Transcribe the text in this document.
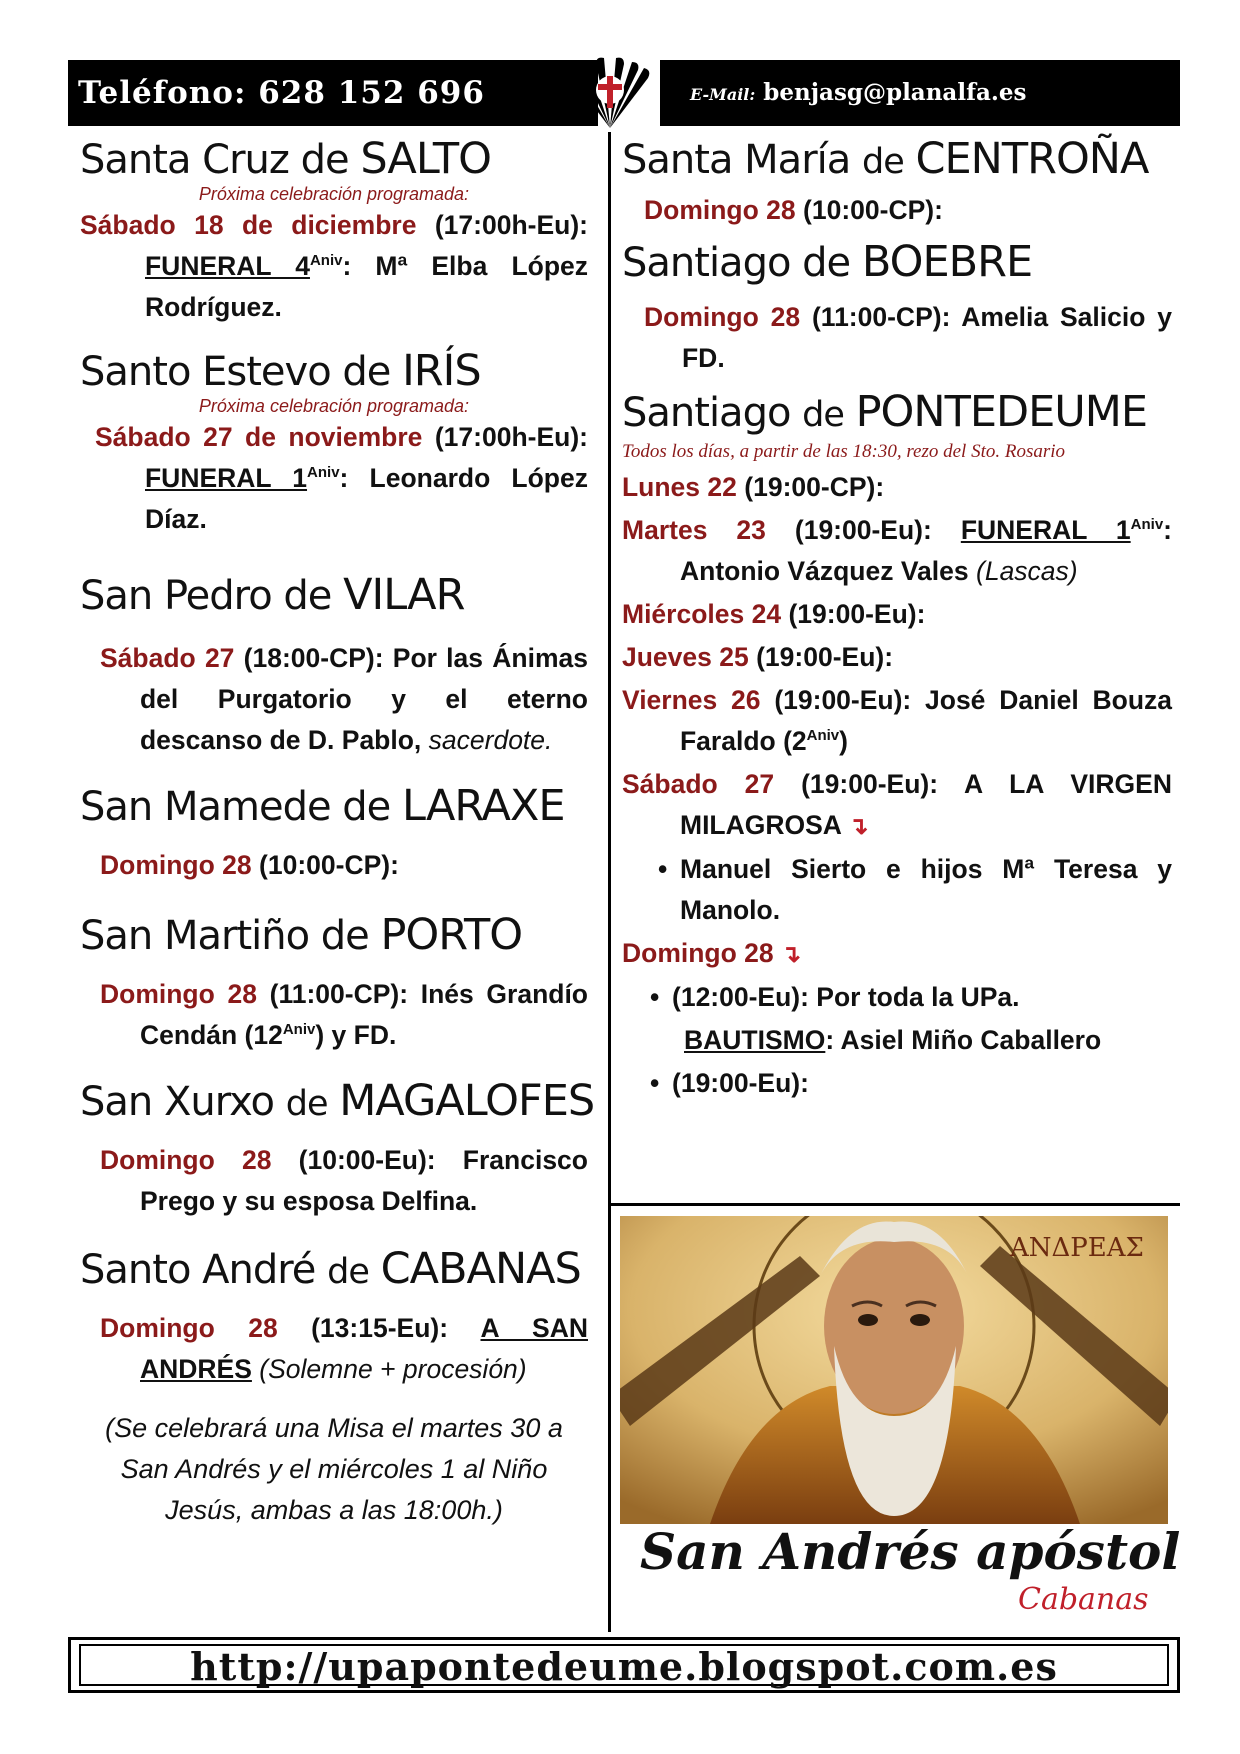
Teléfono: 628 152 696	E-Mail: benjasg@planalfa.es
Santa Cruz de SALTO

Próxima celebración programada:

Sábado 18 de diciembre (17:00h-Eu): FUNERAL $4^{Aniv}$: Mª Elba López Rodríguez.

Santo Estevo de IRÍS

Próxima celebración programada:

Sábado 27 de noviembre (17:00h-Eu): FUNERAL $1^{Aniv}$: Leonardo López Díaz.

San Pedro de VILAR

Sábado 27 (18:00-CP): Por las Ánimas del Purgatorio y el eterno descanso de D. Pablo, sacerdote.

San Mamede de LARAXE

Domingo 28 (10:00-CP):

San Martiño de PORTO

Domingo 28 (11:00-CP): Inés Grandío Cendán $(12^{Aniv})$ y FD.

San Xurxo de MAGALOFES

Domingo 28 (10:00-Eu): Francisco Prego y su esposa Delfina.

Santo André de CABANAS

Domingo 28 (13:15-Eu): A SAN ANDRÉS (Solemne + procesión)

(Se celebrará una Misa el martes 30 a San Andrés y el miércoles 1 al Niño Jesús, ambas a las 18:00h.)

Santa María de CENTROÑA

Domingo 28 (10:00-CP):

Santiago de BOEBRE

Domingo 28 (11:00-CP): Amelia Salicio y FD.

Santiago de PONTEDEUME

Todos los días, a partir de las 18:30, rezo del Sto. Rosario

Lunes 22 (19:00-CP):

Martes 23 (19:00-Eu): FUNERAL $1^{Aniv}$: Antonio Vázquez Vales (Lascas)

Miércoles 24 (19:00-Eu):

Jueves 25 (19:00-Eu):

Viernes 26 (19:00-Eu): José Daniel Bouza Faraldo $(2^{Aniv})$

Sábado 27 (19:00-Eu): A LA VIRGEN MILAGROSA ↴

• Manuel Sierto e hijos Mª Teresa y Manolo.

Domingo 28 ↴

• (12:00-Eu): Por toda la UPa.

BAUTISMO: Asiel Miño Caballero

• (19:00-Eu):

ΑΝΔΡΕΑΣ
San Andrés apóstol
Cabanas
http://upapontedeume.blogspot.com.es
